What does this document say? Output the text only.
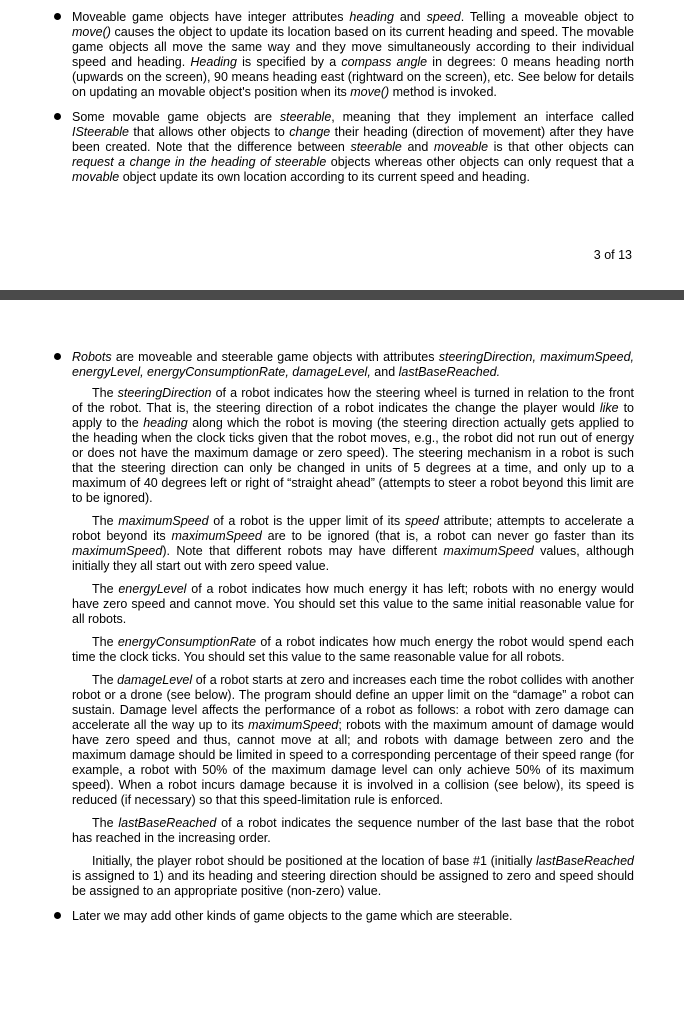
Moveable game objects have integer attributes heading and speed. Telling a moveable object to move() causes the object to update its location based on its current heading and speed. The movable game objects all move the same way and they move simultaneously according to their individual speed and heading. Heading is specified by a compass angle in degrees: 0 means heading north (upwards on the screen), 90 means heading east (rightward on the screen), etc. See below for details on updating an movable object's position when its move() method is invoked.
Some movable game objects are steerable, meaning that they implement an interface called ISteerable that allows other objects to change their heading (direction of movement) after they have been created. Note that the difference between steerable and moveable is that other objects can request a change in the heading of steerable objects whereas other objects can only request that a movable object update its own location according to its current speed and heading.
3 of 13
Robots are moveable and steerable game objects with attributes steeringDirection, maximumSpeed, energyLevel, energyConsumptionRate, damageLevel, and lastBaseReached.

The steeringDirection of a robot indicates how the steering wheel is turned in relation to the front of the robot. That is, the steering direction of a robot indicates the change the player would like to apply to the heading along which the robot is moving (the steering direction actually gets applied to the heading when the clock ticks given that the robot moves, e.g., the robot did not run out of energy or does not have the maximum damage or zero speed). The steering mechanism in a robot is such that the steering direction can only be changed in units of 5 degrees at a time, and only up to a maximum of 40 degrees left or right of “straight ahead” (attempts to steer a robot beyond this limit are to be ignored).

The maximumSpeed of a robot is the upper limit of its speed attribute; attempts to accelerate a robot beyond its maximumSpeed are to be ignored (that is, a robot can never go faster than its maximumSpeed). Note that different robots may have different maximumSpeed values, although initially they all start out with zero speed value.

The energyLevel of a robot indicates how much energy it has left; robots with no energy would have zero speed and cannot move. You should set this value to the same initial reasonable value for all robots.

The energyConsumptionRate of a robot indicates how much energy the robot would spend each time the clock ticks. You should set this value to the same reasonable value for all robots.

The damageLevel of a robot starts at zero and increases each time the robot collides with another robot or a drone (see below). The program should define an upper limit on the “damage” a robot can sustain. Damage level affects the performance of a robot as follows: a robot with zero damage can accelerate all the way up to its maximumSpeed; robots with the maximum amount of damage would have zero speed and thus, cannot move at all; and robots with damage between zero and the maximum damage should be limited in speed to a corresponding percentage of their speed range (for example, a robot with 50% of the maximum damage level can only achieve 50% of its maximum speed). When a robot incurs damage because it is involved in a collision (see below), its speed is reduced (if necessary) so that this speed-limitation rule is enforced.

The lastBaseReached of a robot indicates the sequence number of the last base that the robot has reached in the increasing order.

Initially, the player robot should be positioned at the location of base #1 (initially lastBaseReached is assigned to 1) and its heading and steering direction should be assigned to zero and speed should be assigned to an appropriate positive (non-zero) value.

Later we may add other kinds of game objects to the game which are steerable.
